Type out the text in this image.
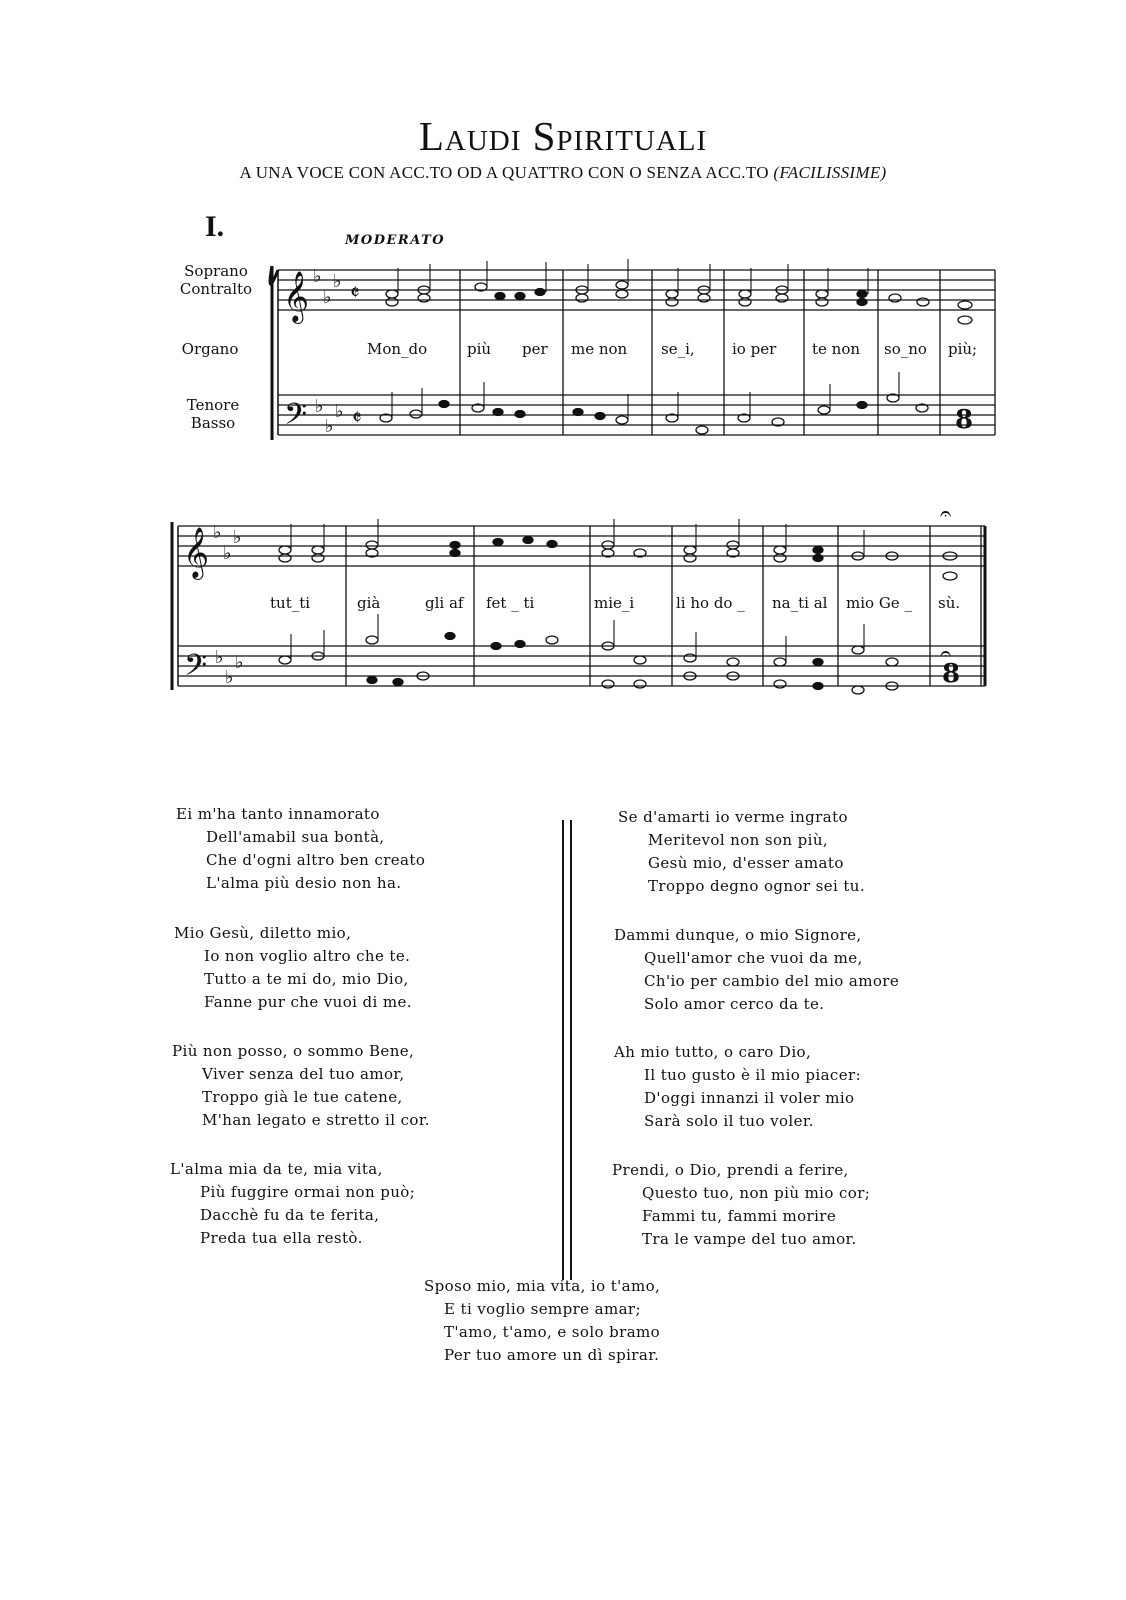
Laudi Spirituali
A UNA VOCE CON ACC.TO OD A QUATTRO CON O SENZA ACC.TO (FACILISSIME)
I.	MODERATO
Soprano
Contralto
Organo
Tenore
Basso
𝄞
𝄢
𝄞
𝄢
♭
♭
♭
♭
♭
♭
♭
♭
♭
♭
♭
♭
𝄵
𝄵
𝄐
𝄐
8
8
Mon_do	più per me non se_i, io per te non so_no più;
tut_ti	già	gli af fet _ ti	mie_i	li ho do _ na_ti al mio Ge _ sù.
Ei m'ha tanto innamorato
Dell'amabil sua bontà,
Che d'ogni altro ben creato
L'alma più desio non ha.
Mio Gesù, diletto mio,
Io non voglio altro che te.
Tutto a te mi do, mio Dio,
Fanne pur che vuoi di me.
Più non posso, o sommo Bene,
Viver senza del tuo amor,
Troppo già le tue catene,
M'han legato e stretto il cor.
L'alma mia da te, mia vita,
Più fuggire ormai non può;
Dacchè fu da te ferita,
Preda tua ella restò.
Se d'amarti io verme ingrato
Meritevol non son più,
Gesù mio, d'esser amato
Troppo degno ognor sei tu.
Dammi dunque, o mio Signore,
Quell'amor che vuoi da me,
Ch'io per cambio del mio amore
Solo amor cerco da te.
Ah mio tutto, o caro Dio,
Il tuo gusto è il mio piacer:
D'oggi innanzi il voler mio
Sarà solo il tuo voler.
Prendi, o Dio, prendi a ferire,
Questo tuo, non più mio cor;
Fammi tu, fammi morire
Tra le vampe del tuo amor.
Sposo mio, mia vita, io t'amo,
E ti voglio sempre amar;
T'amo, t'amo, e solo bramo
Per tuo amore un dì spirar.
